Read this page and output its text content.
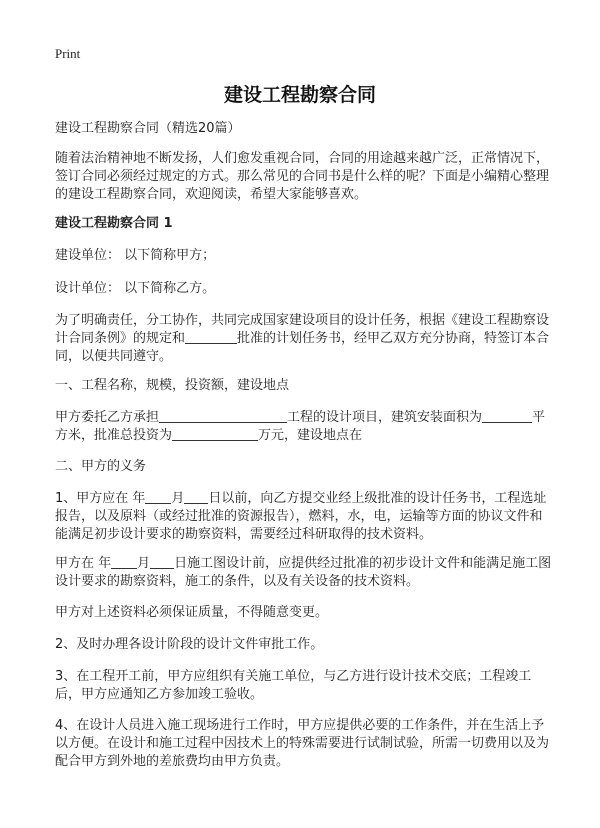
Print
建设工程勘察合同

建设工程勘察合同（精选20篇）

随着法治精神地不断发扬，人们愈发重视合同，合同的用途越来越广泛，正常情况下，签订合同必须经过规定的方式。那么常见的合同书是什么样的呢？下面是小编精心整理的建设工程勘察合同，欢迎阅读，希望大家能够喜欢。

建设工程勘察合同 1

建设单位： 以下简称甲方；

设计单位： 以下简称乙方。

为了明确责任，分工协作，共同完成国家建设项目的设计任务，根据《建设工程勘察设计合同条例》的规定和	批准的计划任务书，经甲乙双方充分协商，特签订本合同，以便共同遵守。

一、工程名称，规模，投资额，建设地点

甲方委托乙方承担	工程的设计项目，建筑安装面积为	平方米，批准总投资为	万元，建设地点在

二、甲方的义务

1、甲方应在 年 月 日以前，向乙方提交业经上级批准的设计任务书，工程选址报告，以及原料（或经过批准的资源报告），燃料，水，电，运输等方面的协议文件和能满足初步设计要求的勘察资料，需要经过科研取得的技术资料。

甲方在 年 月 日施工图设计前，应提供经过批准的初步设计文件和能满足施工图设计要求的勘察资料，施工的条件，以及有关设备的技术资料。

甲方对上述资料必须保证质量，不得随意变更。

2、及时办理各设计阶段的设计文件审批工作。

3、在工程开工前，甲方应组织有关施工单位，与乙方进行设计技术交底；工程竣工后，甲方应通知乙方参加竣工验收。

4、在设计人员进入施工现场进行工作时，甲方应提供必要的工作条件，并在生活上予以方便。在设计和施工过程中因技术上的特殊需要进行试制试验，所需一切费用以及为配合甲方到外地的差旅费均由甲方负责。
